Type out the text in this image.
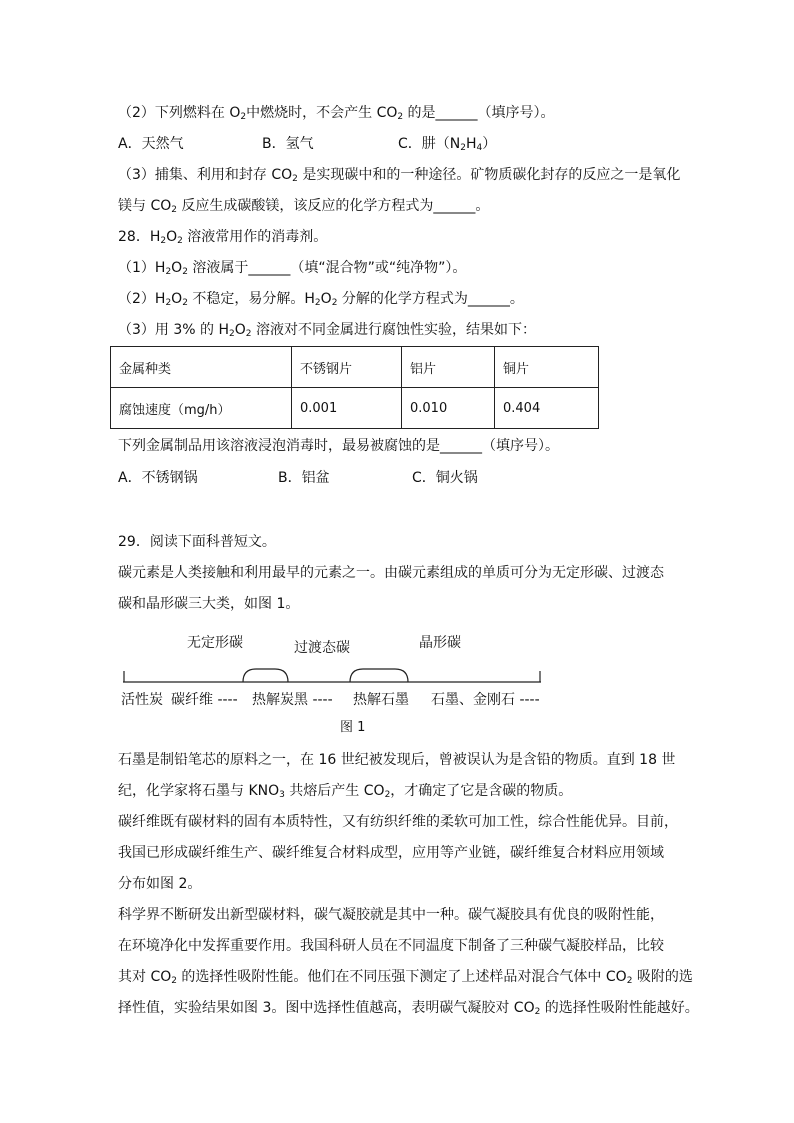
（2）下列燃料在 $O_2$中燃烧时，不会产生 $CO_2$ 的是______（填序号）。
A．天然气	B．氢气	C．肼$(N_2H_4)$
（3）捕集、利用和封存 $CO_2$ 是实现碳中和的一种途径。矿物质碳化封存的反应之一是氧化
镁与 $CO_2$ 反应生成碳酸镁，该反应的化学方程式为______。
28．$H_2O_2$ 溶液常用作的消毒剂。
$(1)H_2O_2$ 溶液属于______（填“混合物”或“纯净物”）。
$(2)H_2O_2$ 不稳定，易分解。$H_2O_2$ 分解的化学方程式为______。
（3）用 3% 的 $H_2O_2$ 溶液对不同金属进行腐蚀性实验，结果如下：
金属种类	不锈钢片	铝片	铜片
腐蚀速度（mg/h）	0.001	0.010	0.404
下列金属制品用该溶液浸泡消毒时，最易被腐蚀的是______（填序号）。
A．不锈钢锅	B．铝盆	C．铜火锅
29．阅读下面科普短文。
碳元素是人类接触和利用最早的元素之一。由碳元素组成的单质可分为无定形碳、过渡态
碳和晶形碳三大类，如图 1。
无定形碳	过渡态碳	晶形碳
活性炭 碳纤维 ---- 热解炭黑 ---- 热解石墨 石墨、金刚石 ----
图 1
石墨是制铅笔芯的原料之一，在 16 世纪被发现后，曾被误认为是含铅的物质。直到 18 世
纪，化学家将石墨与 $KNO_3$ 共熔后产生 $CO_2$，才确定了它是含碳的物质。
碳纤维既有碳材料的固有本质特性，又有纺织纤维的柔软可加工性，综合性能优异。目前，
我国已形成碳纤维生产、碳纤维复合材料成型，应用等产业链，碳纤维复合材料应用领域
分布如图 2。
科学界不断研发出新型碳材料，碳气凝胶就是其中一种。碳气凝胶具有优良的吸附性能，
在环境净化中发挥重要作用。我国科研人员在不同温度下制备了三种碳气凝胶样品，比较
其对 $CO_2$ 的选择性吸附性能。他们在不同压强下测定了上述样品对混合气体中 $CO_2$ 吸附的选
择性值，实验结果如图 3。图中选择性值越高，表明碳气凝胶对 $CO_2$ 的选择性吸附性能越好。
